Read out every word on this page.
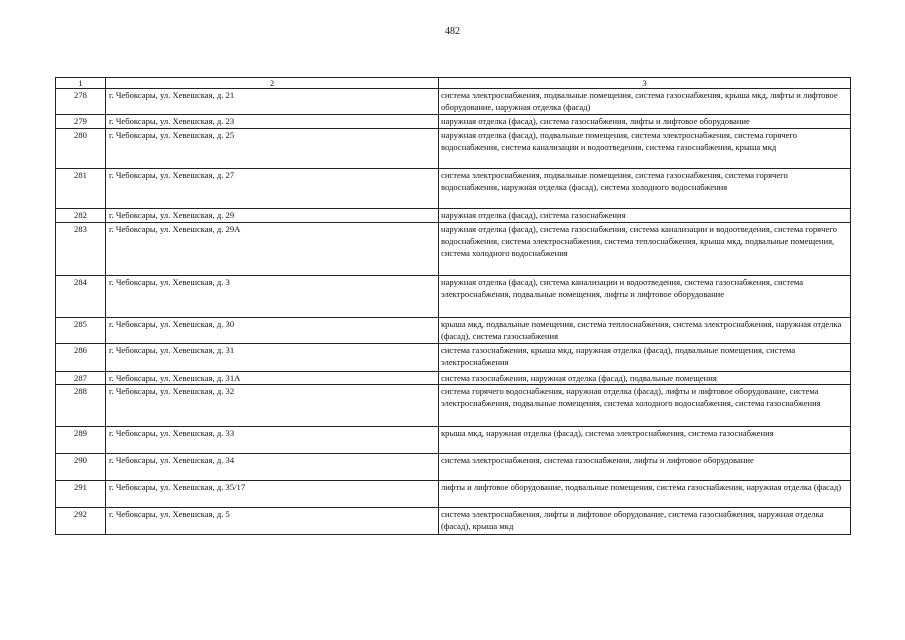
482
1	2	3
278	г. Чебоксары, ул. Хевешская, д. 21	система электроснабжения, подвальные помещения, система газоснабжения, крыша мкд, лифты и лифтовое оборудование, наружная отделка (фасад)
279	г. Чебоксары, ул. Хевешская, д. 23	наружная отделка (фасад), система газоснабжения, лифты и лифтовое оборудование
280	г. Чебоксары, ул. Хевешская, д. 25	наружная отделка (фасад), подвальные помещения, система электроснабжения, система горячего водоснабжения, система канализации и водоотведения, система газоснабжения, крыша мкд
281	г. Чебоксары, ул. Хевешская, д. 27	система электроснабжения, подвальные помещения, система газоснабжения, система горячего водоснабжения, наружная отделка (фасад), система холодного водоснабжения
282	г. Чебоксары, ул. Хевешская, д. 29	наружная отделка (фасад), система газоснабжения
283	г. Чебоксары, ул. Хевешская, д. 29А	наружная отделка (фасад), система газоснабжения, система канализации и водоотведения, система горячего водоснабжения, система электроснабжения, система теплоснабжения, крыша мкд, подвальные помещения, система холодного водоснабжения
284	г. Чебоксары, ул. Хевешская, д. 3	наружная отделка (фасад), система канализации и водоотведения, система газоснабжения, система электроснабжения, подвальные помещения, лифты и лифтовое оборудование
285	г. Чебоксары, ул. Хевешская, д. 30	крыша мкд, подвальные помещения, система теплоснабжения, система электроснабжения, наружная отделка (фасад), система газоснабжения
286	г. Чебоксары, ул. Хевешская, д. 31	система газоснабжения, крыша мкд, наружная отделка (фасад), подвальные помещения, система электроснабжения
287	г. Чебоксары, ул. Хевешская, д. 31А	система газоснабжения, наружная отделка (фасад), подвальные помещения
288	г. Чебоксары, ул. Хевешская, д. 32	система горячего водоснабжения, наружная отделка (фасад), лифты и лифтовое оборудование, система электроснабжения, подвальные помещения, система холодного водоснабжения, система газоснабжения
289	г. Чебоксары, ул. Хевешская, д. 33	крыша мкд, наружная отделка (фасад), система электроснабжения, система газоснабжения
290	г. Чебоксары, ул. Хевешская, д. 34	система электроснабжения, система газоснабжения, лифты и лифтовое оборудование
291	г. Чебоксары, ул. Хевешская, д. 35/17	лифты и лифтовое оборудование, подвальные помещения, система газоснабжения, наружная отделка (фасад)
292	г. Чебоксары, ул. Хевешская, д. 5	система электроснабжения, лифты и лифтовое оборудование, система газоснабжения, наружная отделка (фасад), крыша мкд
